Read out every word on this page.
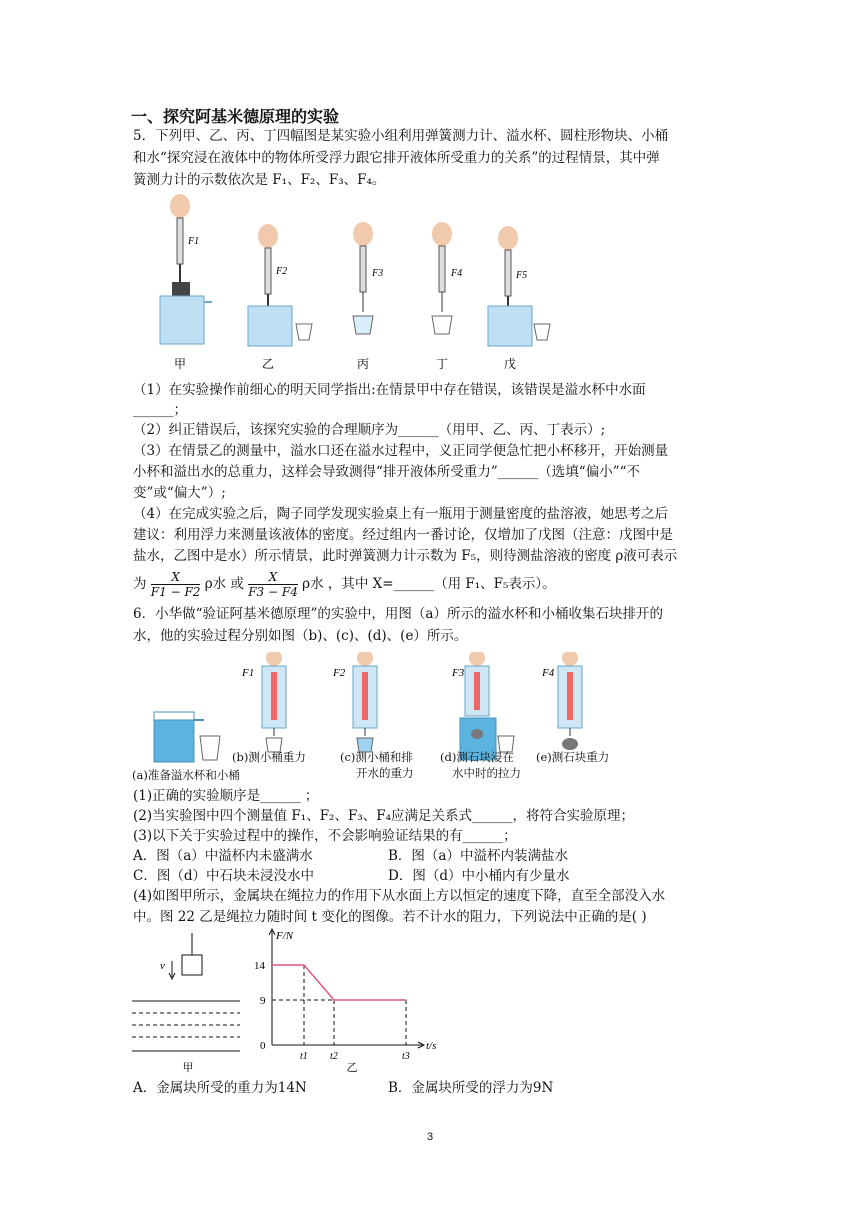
一、探究阿基米德原理的实验
5．下列甲、乙、丙、丁四幅图是某实验小组利用弹簧测力计、溢水杯、圆柱形物块、小桶
和水“探究浸在液体中的物体所受浮力跟它排开液体所受重力的关系”的过程情景，其中弹
簧测力计的示数依次是 F₁、F₂、F₃、F₄。
F1
F2	F3	F4	F5
甲	乙	丙	丁	戊
（1）在实验操作前细心的明天同学指出:在情景甲中存在错误，该错误是溢水杯中水面
______；
（2）纠正错误后，该探究实验的合理顺序为______（用甲、乙、丙、丁表示）;
（3）在情景乙的测量中，溢水口还在溢水过程中，义正同学便急忙把小杯移开，开始测量
小杯和溢出水的总重力，这样会导致测得“排开液体所受重力”______（选填“偏小”“不
变”或“偏大”）;
（4）在完成实验之后，陶子同学发现实验桌上有一瓶用于测量密度的盐溶液，她思考之后
建议：利用浮力来测量该液体的密度。经过组内一番讨论，仅增加了戊图（注意：戊图中是
盐水，乙图中是水）所示情景，此时弹簧测力计示数为 F₅，则待测盐溶液的密度 ρ液可表示
为 $\frac{X}{F1 - F2}$ ρ水 或 $\frac{X}{F3 - F4}$ ρ水 ，其中 X=______（用 F₁、F₅表示）。
6．小华做“验证阿基米德原理”的实验中，用图（a）所示的溢水杯和小桶收集石块排开的
水，他的实验过程分别如图（b)、(c)、(d)、(e）所示。
F1	F2	F3	F4
(a)准备溢水杯和小桶
(b)测小桶重力	(c)测小桶和排
开水的重力
(d)测石块浸在
水中时的拉力
(e)测石块重力
(1)正确的实验顺序是______ ；
(2)当实验图中四个测量值 F₁、F₂、F₃、F₄应满足关系式______，将符合实验原理；
(3)以下关于实验过程中的操作，不会影响验证结果的有______；
A．图（a）中溢杯内未盛满水	B．图（a）中溢杯内装满盐水
C．图（d）中石块未浸没水中	D．图（d）中小桶内有少量水
(4)如图甲所示，金属块在绳拉力的作用下从水面上方以恒定的速度下降，直至全部没入水
中。图 22 乙是绳拉力随时间 t 变化的图像。若不计水的阻力，下列说法中正确的是( )
v
甲
F/N
t/s
14
9
0
t1 t2	t3
乙
A．金属块所受的重力为14N	B．金属块所受的浮力为9N
3
